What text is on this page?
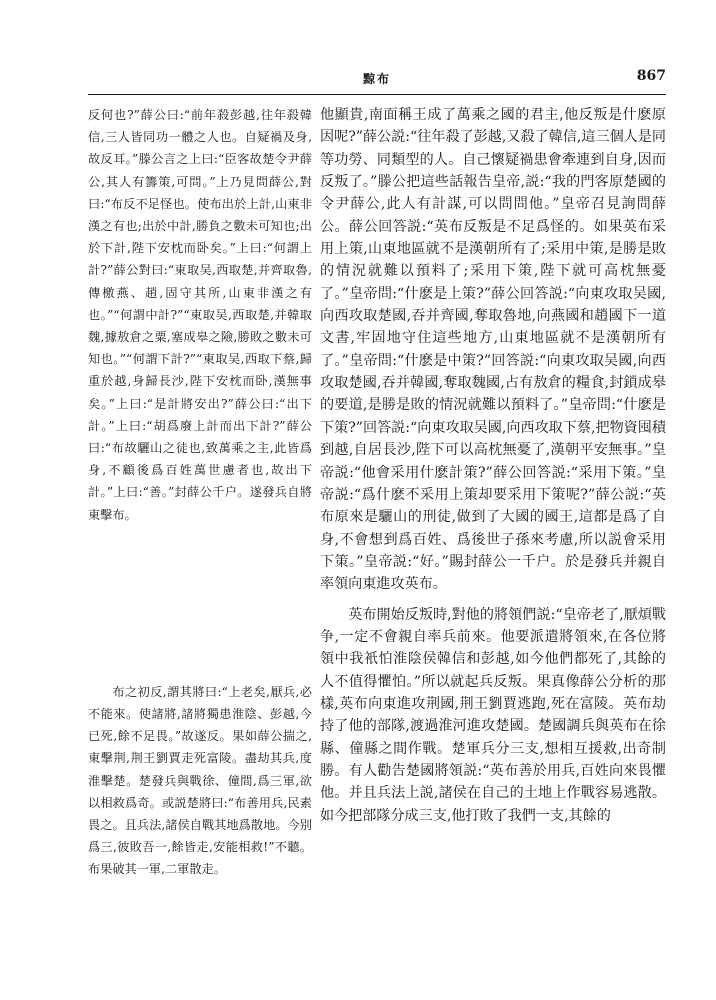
黥布	867

反何也?”薛公曰:“前年殺彭越,往年殺韓信,三人皆同功一體之人也。自疑禍及身,故反耳。”滕公言之上曰:“臣客故楚令尹薛公,其人有籌策,可問。”上乃見問薛公,對曰:“布反不足怪也。使布出於上計,山東非漢之有也;出於中計,勝負之數未可知也;出於下計,陛下安枕而卧矣。”上曰:“何謂上計?”薛公對曰:“東取吴,西取楚,并齊取魯,傳檄燕、趙,固守其所,山東非漢之有也。”“何謂中計?”“東取吴,西取楚,并韓取魏,據敖倉之粟,塞成皋之險,勝敗之數未可知也。”“何謂下計?”“東取吴,西取下蔡,歸重於越,身歸長沙,陛下安枕而卧,漢無事矣。”上曰:“是計將安出?”薛公曰:“出下計。”上曰:“胡爲廢上計而出下計?”薛公曰:“布故驪山之徒也,致萬乘之主,此皆爲身,不顧後爲百姓萬世慮者也,故出下計。”上曰:“善。”封薛公千户。遂發兵自將東擊布。

布之初反,謂其將曰:“上老矣,厭兵,必不能來。使諸將,諸將獨患淮陰、彭越,今已死,餘不足畏。”故遂反。果如薛公揣之,東擊荆,荆王劉賈走死富陵。盡劫其兵,度淮擊楚。楚發兵與戰徐、僮間,爲三軍,欲以相救爲奇。或説楚將曰:“布善用兵,民素畏之。且兵法,諸侯自戰其地爲散地。今别爲三,彼敗吾一,餘皆走,安能相救!”不聽。布果破其一軍,二軍散走。

他顯貴,南面稱王成了萬乘之國的君主,他反叛是什麽原因呢?”薛公説:“往年殺了彭越,又殺了韓信,這三個人是同等功勞、同類型的人。自己懷疑禍患會牽連到自身,因而反叛了。”滕公把這些話報告皇帝,説:“我的門客原楚國的令尹薛公,此人有計謀,可以問問他。”皇帝召見詢問薛公。薛公回答説:“英布反叛是不足爲怪的。如果英布采用上策,山東地區就不是漢朝所有了;采用中策,是勝是敗的情況就難以預料了;采用下策,陛下就可高枕無憂了。”皇帝問:“什麽是上策?”薛公回答説:“向東攻取吴國,向西攻取楚國,吞并齊國,奪取魯地,向燕國和趙國下一道文書,牢固地守住這些地方,山東地區就不是漢朝所有了。”皇帝問:“什麽是中策?”回答説:“向東攻取吴國,向西攻取楚國,吞并韓國,奪取魏國,占有敖倉的糧食,封鎖成皋的要道,是勝是敗的情況就難以預料了。”皇帝問:“什麽是下策?”回答説:“向東攻取吴國,向西攻取下蔡,把物資囤積到越,自居長沙,陛下可以高枕無憂了,漢朝平安無事。”皇帝説:“他會采用什麽計策?”薛公回答説:“采用下策。”皇帝説:“爲什麽不采用上策却要采用下策呢?”薛公説:“英布原來是驪山的刑徒,做到了大國的國王,這都是爲了自身,不會想到爲百姓、爲後世子孫來考慮,所以説會采用下策。”皇帝説:“好。”賜封薛公一千户。於是發兵并親自率領向東進攻英布。

英布開始反叛時,對他的將領們説:“皇帝老了,厭煩戰争,一定不會親自率兵前來。他要派遣將領來,在各位將領中我衹怕淮陰侯韓信和彭越,如今他們都死了,其餘的人不值得懼怕。”所以就起兵反叛。果真像薛公分析的那樣,英布向東進攻荆國,荆王劉賈逃跑,死在富陵。英布劫持了他的部隊,渡過淮河進攻楚國。楚國調兵與英布在徐縣、僮縣之間作戰。楚軍兵分三支,想相互援救,出奇制勝。有人勸告楚國將領説:“英布善於用兵,百姓向來畏懼他。并且兵法上説,諸侯在自己的土地上作戰容易逃散。如今把部隊分成三支,他打敗了我們一支,其餘的
